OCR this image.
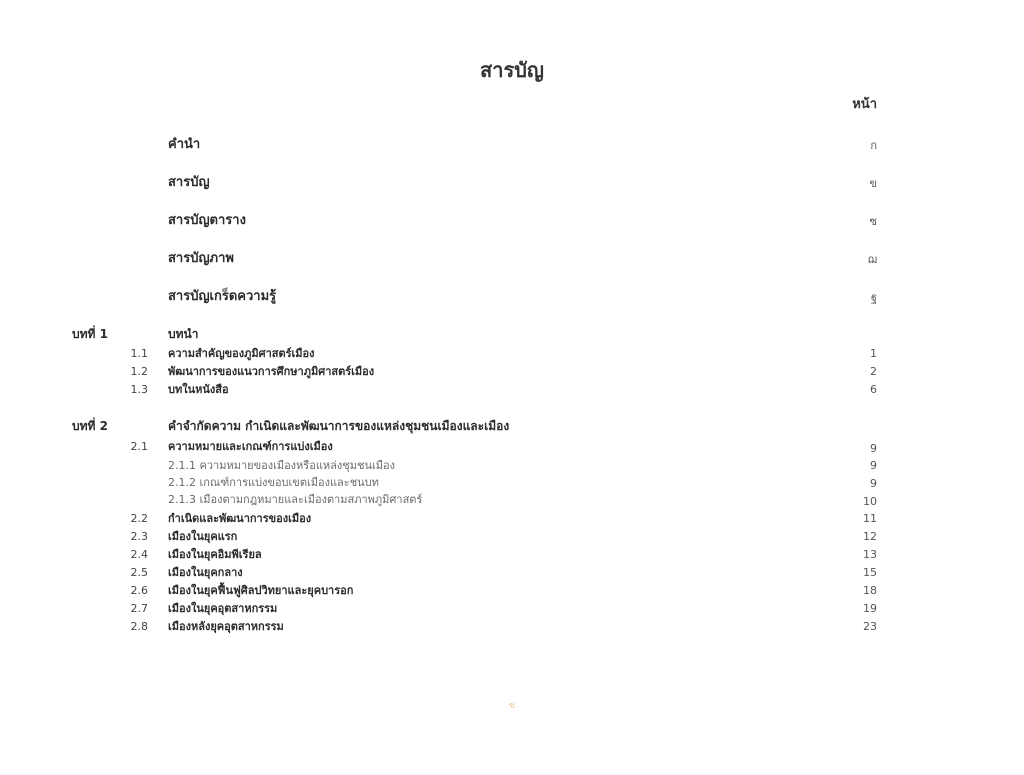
สารบัญ
หน้า
คำนำ	ก
สารบัญ	ข
สารบัญตาราง	ซ
สารบัญภาพ	ฌ
สารบัญเกร็ดความรู้	ฐ
บทที่ 1	บทนำ
1.1 ความสำคัญของภูมิศาสตร์เมือง	1
1.2 พัฒนาการของแนวการศึกษาภูมิศาสตร์เมือง	2
1.3 บทในหนังสือ	6
บทที่ 2	คำจำกัดความ กำเนิดและพัฒนาการของแหล่งชุมชนเมืองและเมือง
2.1 ความหมายและเกณฑ์การแบ่งเมือง	9
2.1.1 ความหมายของเมืองหรือแหล่งชุมชนเมือง	9
2.1.2 เกณฑ์การแบ่งขอบเขตเมืองและชนบท	9
2.1.3 เมืองตามกฎหมายและเมืองตามสภาพภูมิศาสตร์	10
2.2 กำเนิดและพัฒนาการของเมือง	11
2.3 เมืองในยุคแรก	12
2.4 เมืองในยุคอิมพีเรียล	13
2.5 เมืองในยุคกลาง	15
2.6 เมืองในยุคฟื้นฟูศิลปวิทยาและยุคบารอก	18
2.7 เมืองในยุคอุตสาหกรรม	19
2.8 เมืองหลังยุคอุตสาหกรรม	23
ข
